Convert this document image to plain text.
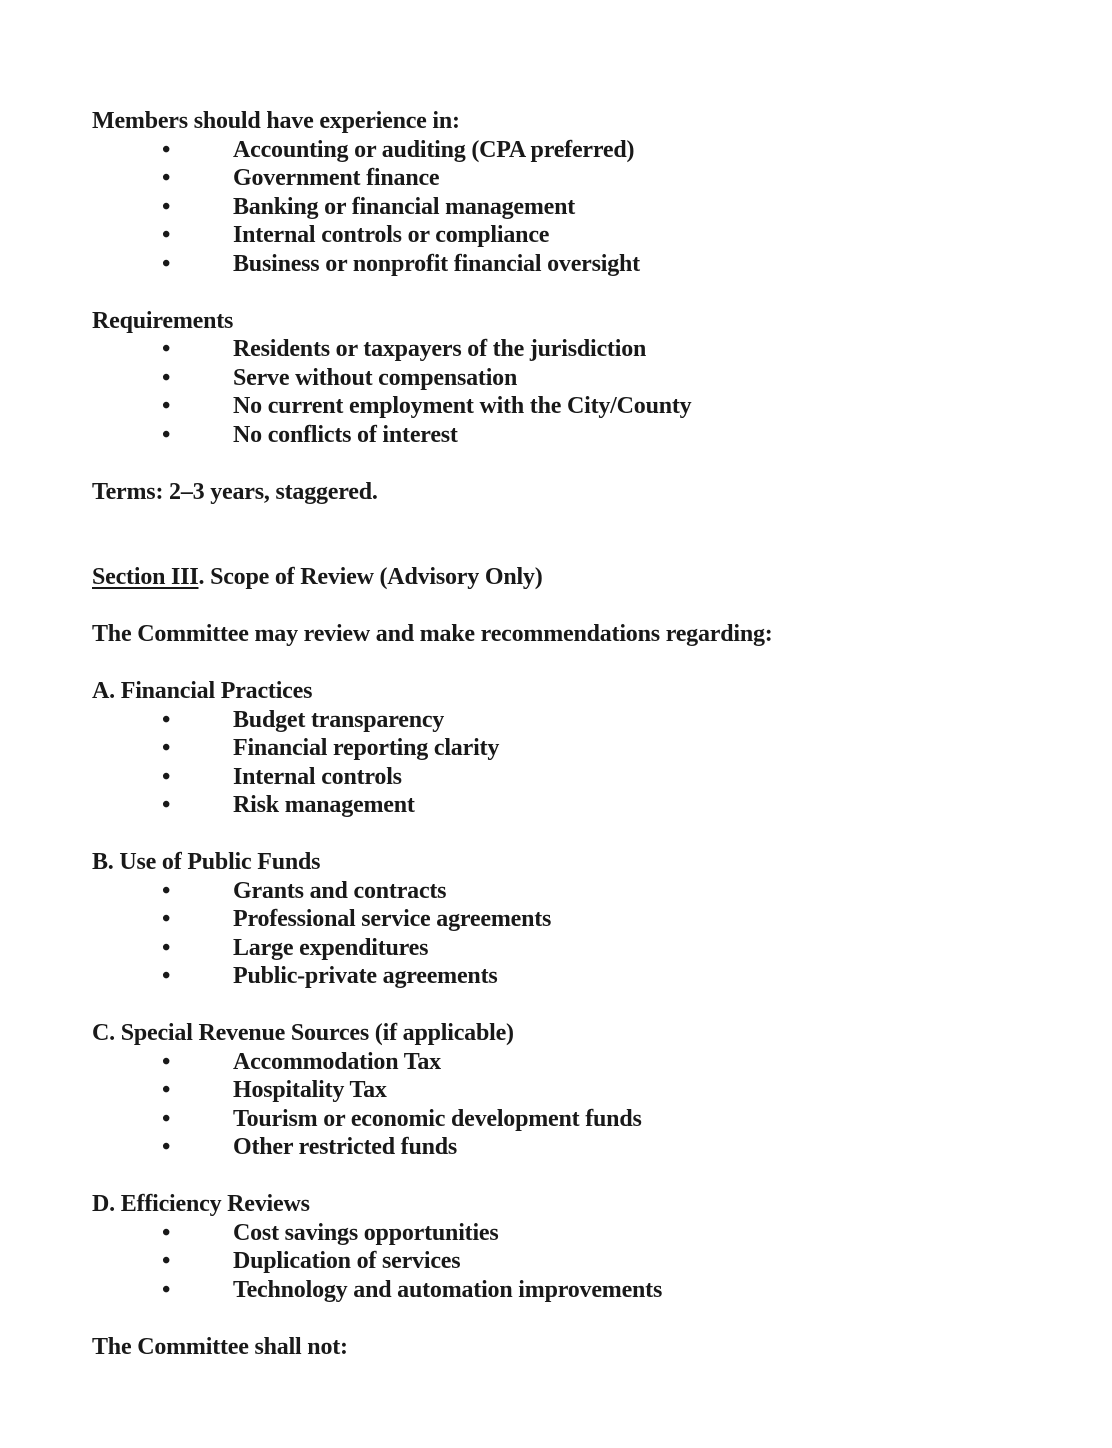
Members should have experience in:

•	Accounting or auditing (CPA preferred)
•	Government finance
•	Banking or financial management
•	Internal controls or compliance
•	Business or nonprofit financial oversight

Requirements

•	Residents or taxpayers of the jurisdiction
•	Serve without compensation
•	No current employment with the City/County
•	No conflicts of interest

Terms: 2–3 years, staggered.

Section III. Scope of Review (Advisory Only)

The Committee may review and make recommendations regarding:

A. Financial Practices

•	Budget transparency
•	Financial reporting clarity
•	Internal controls
•	Risk management

B. Use of Public Funds

•	Grants and contracts
•	Professional service agreements
•	Large expenditures
•	Public-private agreements

C. Special Revenue Sources (if applicable)

•	Accommodation Tax
•	Hospitality Tax
•	Tourism or economic development funds
•	Other restricted funds

D. Efficiency Reviews

•	Cost savings opportunities
•	Duplication of services
•	Technology and automation improvements

The Committee shall not:
